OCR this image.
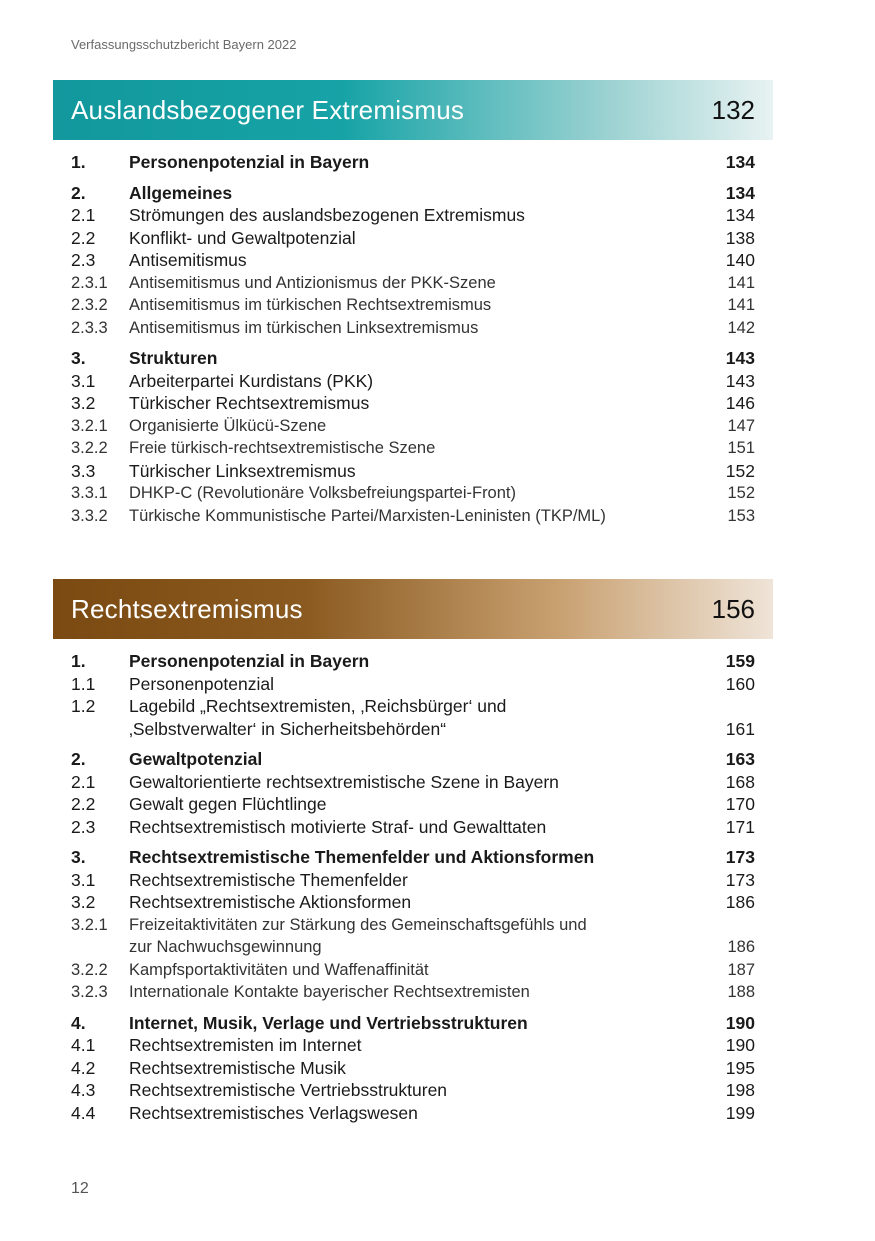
Verfassungsschutzbericht Bayern 2022
Auslandsbezogener Extremismus	132
1.	Personenpotenzial in Bayern	134
2.	Allgemeines	134
2.1	Strömungen des auslandsbezogenen Extremismus	134
2.2	Konflikt- und Gewaltpotenzial	138
2.3	Antisemitismus	140
2.3.1	Antisemitismus und Antizionismus der PKK-Szene	141
2.3.2	Antisemitismus im türkischen Rechtsextremismus	141
2.3.3	Antisemitismus im türkischen Linksextremismus	142
3.	Strukturen	143
3.1	Arbeiterpartei Kurdistans (PKK)	143
3.2	Türkischer Rechtsextremismus	146
3.2.1	Organisierte Ülkücü-Szene	147
3.2.2	Freie türkisch-rechtsextremistische Szene	151
3.3	Türkischer Linksextremismus	152
3.3.1	DHKP-C (Revolutionäre Volksbefreiungspartei-Front)	152
3.3.2	Türkische Kommunistische Partei/Marxisten-Leninisten (TKP/ML)	153
Rechtsextremismus	156
1.	Personenpotenzial in Bayern	159
1.1	Personenpotenzial	160
1.2	Lagebild „Rechtsextremisten, ‚Reichsbürger‘ und
‚Selbstverwalter‘ in Sicherheitsbehörden“	161
2.	Gewaltpotenzial	163
2.1	Gewaltorientierte rechtsextremistische Szene in Bayern	168
2.2	Gewalt gegen Flüchtlinge	170
2.3	Rechtsextremistisch motivierte Straf- und Gewalttaten	171
3.	Rechtsextremistische Themenfelder und Aktionsformen	173
3.1	Rechtsextremistische Themenfelder	173
3.2	Rechtsextremistische Aktionsformen	186
3.2.1	Freizeitaktivitäten zur Stärkung des Gemeinschaftsgefühls und
zur Nachwuchsgewinnung	186
3.2.2	Kampfsportaktivitäten und Waffenaffinität	187
3.2.3	Internationale Kontakte bayerischer Rechtsextremisten	188
4.	Internet, Musik, Verlage und Vertriebsstrukturen	190
4.1	Rechtsextremisten im Internet	190
4.2	Rechtsextremistische Musik	195
4.3	Rechtsextremistische Vertriebsstrukturen	198
4.4	Rechtsextremistisches Verlagswesen	199
12
